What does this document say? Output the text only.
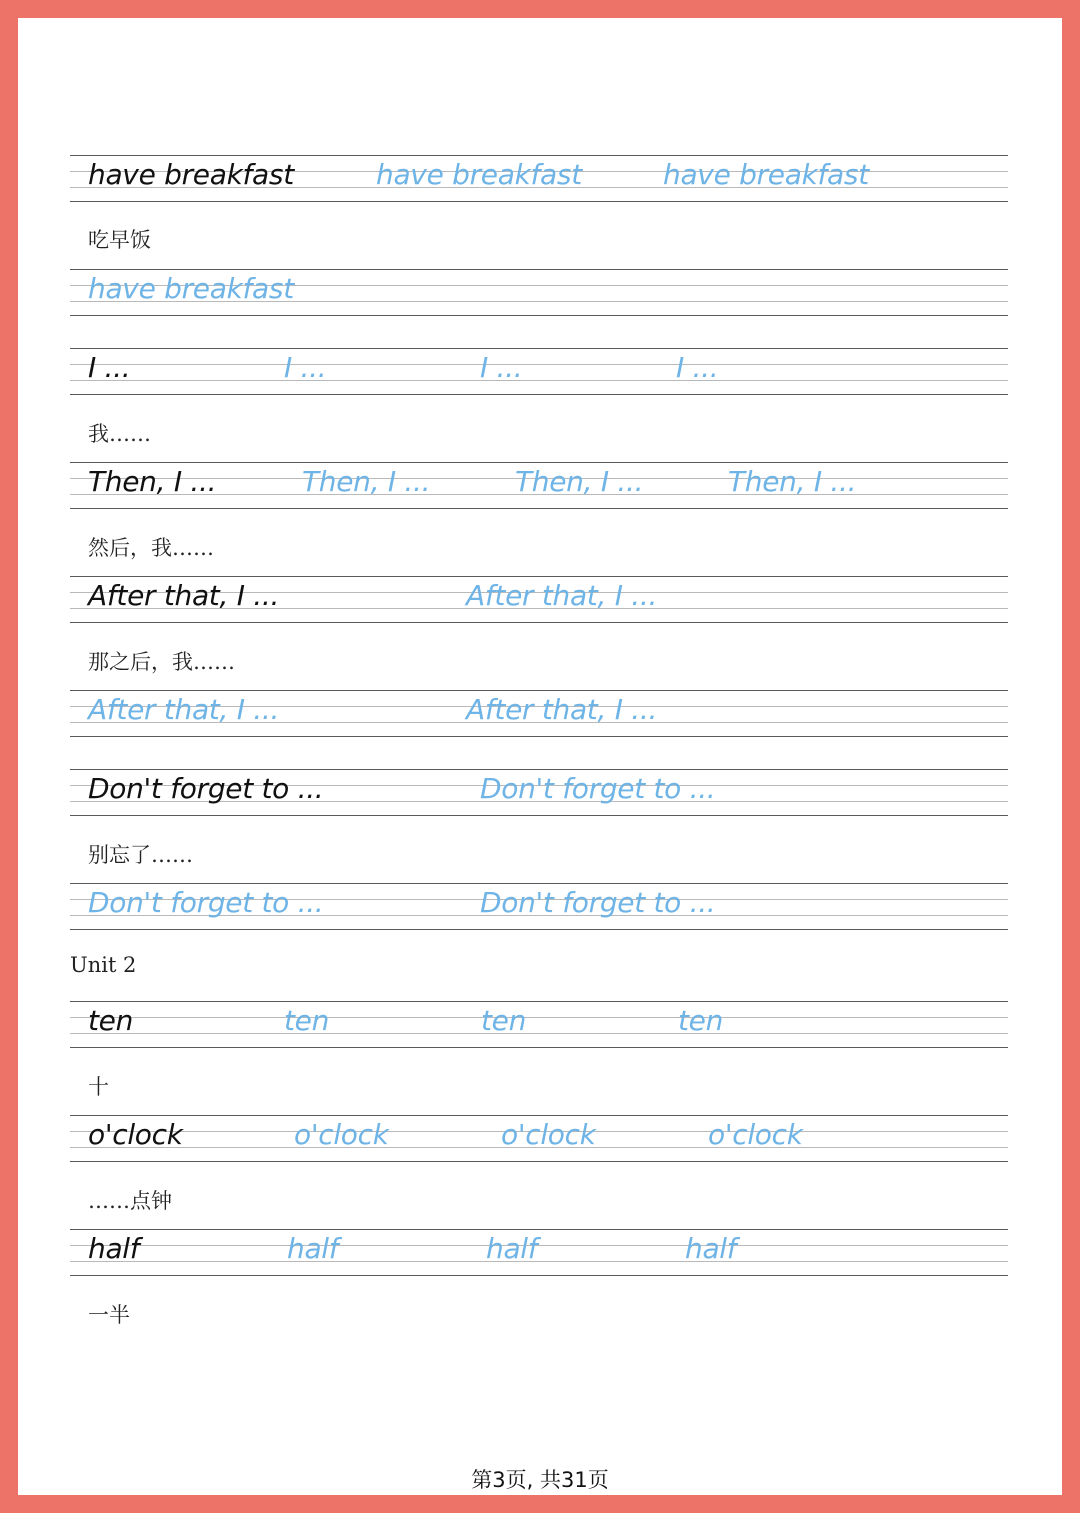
have breakfast	have breakfast	have breakfast
吃早饭
have breakfast
I ...	I ...	I ...	I ...
我……
Then, I ...	Then, I ...	Then, I ...	Then, I ...
然后，我……
After that, I ...	After that, I ...
那之后，我……
After that, I ...	After that, I ...
Don't forget to ...	Don't forget to ...
别忘了……
Don't forget to ...	Don't forget to ...
Unit 2
ten	ten	ten	ten
十
o'clock	o'clock	o'clock	o'clock
……点钟
half	half	half	half
一半
第3页, 共31页
